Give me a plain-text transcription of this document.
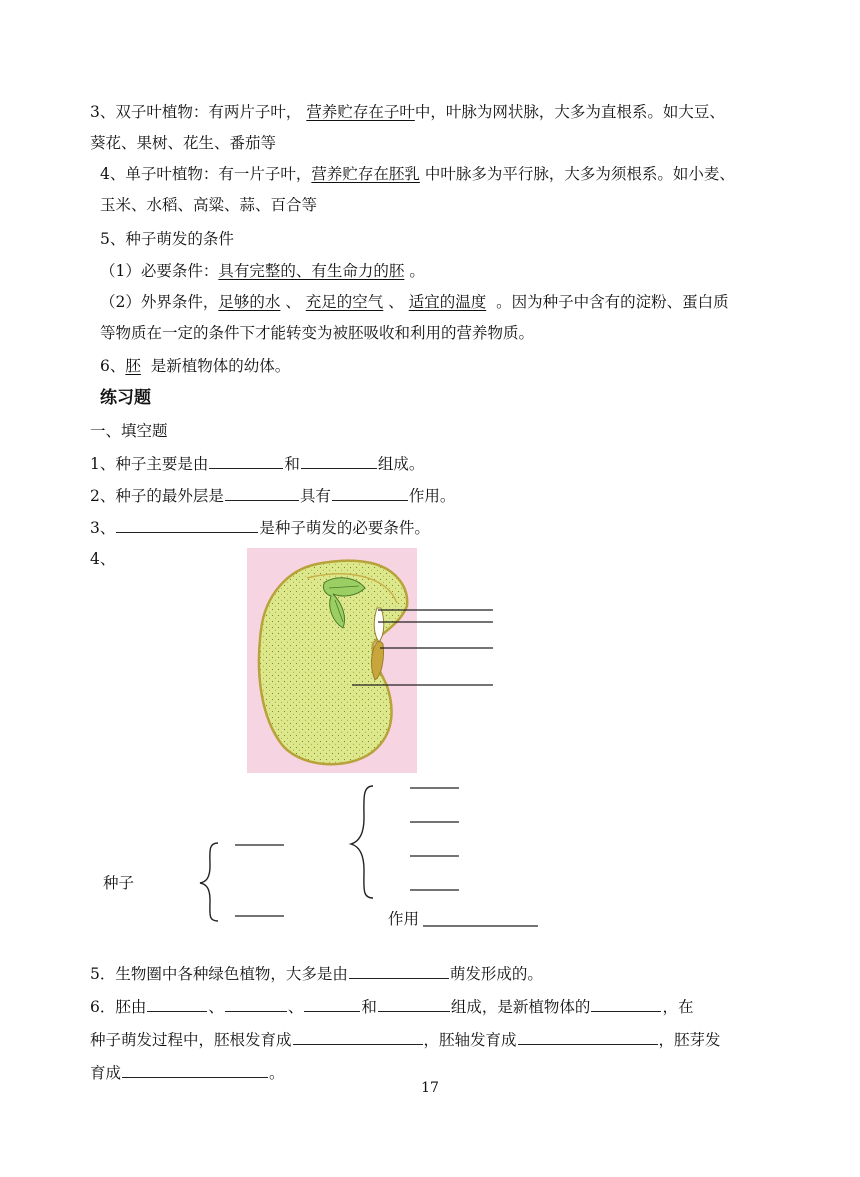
3、双子叶植物：有两片子叶， 营养贮存在子叶中，叶脉为网状脉，大多为直根系。如大豆、
葵花、果树、花生、番茄等
4、单子叶植物：有一片子叶，营养贮存在胚乳 中叶脉多为平行脉，大多为须根系。如小麦、
玉米、水稻、高粱、蒜、百合等
5、种子萌发的条件
（1）必要条件：具有完整的、有生命力的胚 。
（2）外界条件，足够的水 、 充足的空气 、 适宜的温度 。因为种子中含有的淀粉、蛋白质
等物质在一定的条件下才能转变为被胚吸收和利用的营养物质。
6、胚 是新植物体的幼体。
练习题
一、填空题
1、种子主要是由	和	组成。
2、种子的最外层是	具有	作用。
3、	是种子萌发的必要条件。
4、
种子
作用
5．生物圈中各种绿色植物，大多是由	萌发形成的。
6．胚由	、	、	和	组成，是新植物体的	，在
种子萌发过程中，胚根发育成	，胚轴发育成	，胚芽发
育成	。
17
